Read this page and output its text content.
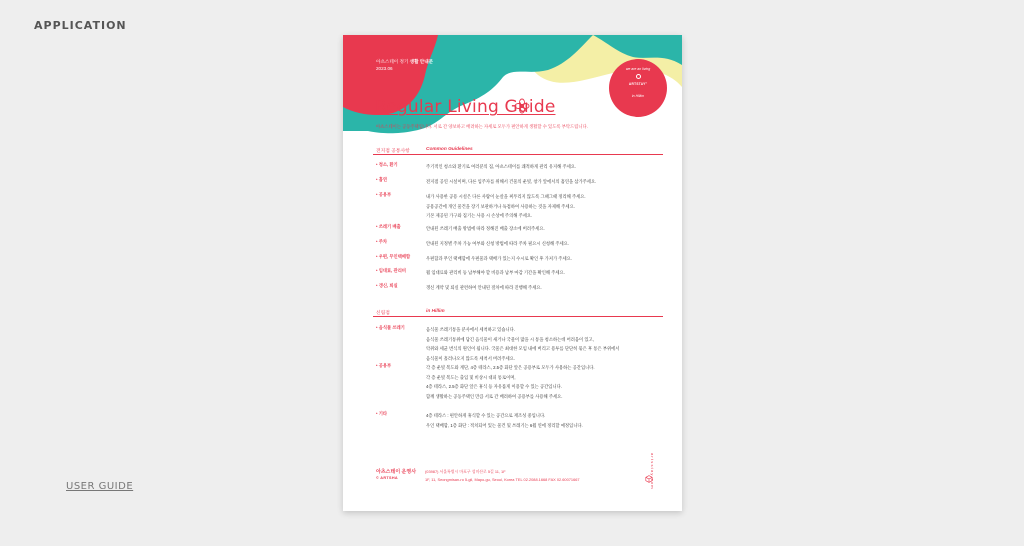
APPLICATION
USER GUIDE
아츠스테이 정기 생활 안내문
2023.06	we are an living
ARTSTAY°
in Hillim
Regular Living Guide
아츠스테이는 공동주택입니다. 서로 간 양보하고 배려하는 자세로 모두가 편안하게 생활할 수 있도록 부탁드립니다.
전지점 공통사항	Common Guidelines
• 청소, 환기	주기적인 청소와 환기로 여러분의 집, 아츠스테이를 쾌적하게 관리 유지해 주세요.
• 흡연	전지점 공연 시설이며, 다른 입주자를 위해서 건물의 운빛, 창가 앞에서의 흡연을 삼가주세요.
• 공용부	내가 사용한 공용 시설은 다른 사람이 눈살을 찌푸리지 않도록 그때그때 정리해 주세요.
공용공간에 개인 물건을 장기 보관하거나 독점하여 사용하는 것을 자제해 주세요.
기본 제공된 가구와 집기는 사용 시 손상에 주의해 주세요.
• 쓰레기 배출	안내된 쓰레기 배출 방법에 따라 정해진 배출 장소에 버려주세요.
• 주차	안내된 지정별 주차 가능 여부와 신청 방법에 따라 주차 필요시 신청해 주세요.
• 우편, 무인택배함	우편함과 무인 택배함에 우편물과 택배가 있는지 수시로 확인 후 가져가 주세요.
• 임대료, 관리비	월 임대료와 관리비 등 납부해야 할 비용과 납부 마감 기간을 확인해 주세요.
• 갱신, 퇴실	갱신 계약 및 퇴실 관련하여 안내된 절차에 따라 진행해 주세요.
신림점	in Hillim
• 음식물 쓰레기	음식물 쓰레기통을 분사에서 세척하고 있습니다.
음식물 쓰레기통위에 담긴 음식물이 새거나 국물이 많을 시 통을 청소하는데 어려움이 있고,
악취와 세균 번식의 원인이 됩니다. 국물은 최대한 모임 내에 버리고 용투를 단단히 묶은 후 통은 부위에서
음식물이 흘러나오지 않도록 세척서 버려주세요.
• 공용부	각 층 운빛 복도와 계단, 4층 테라스, 2.5층 화단 앞은 공용부로 모두가 사용하는 공간입니다.
각 층 운빛 복도는 출입 및 비상시 대피 통로이며,
4층 테라스, 2.5층 화단 앞은 휴식 등 자유롭게 이용할 수 있는 공간입니다.
함께 생활하는 공동주택인 만큼 서로 간 배려하여 공용부를 사용해 주세요.
• 기타	4층 테라스 : 편안하게 휴식할 수 있는 공간으로 재조성 중입니다.
우인 택배함, 1층 화단 : 적치되어 있는 물건 및 쓰레기는 6월 연에 정리할 예정입니다.
artsstay.com
아츠스테이 운영사
© ARTSHA
(03987) 서울특별시 마포구 성미산로 5길 11, 1F
1F, 11, Seongmisan-ro 5-gil, Mapo-gu, Seoul, Korea TEL 02.2088.1668 FAX 02.60071667
